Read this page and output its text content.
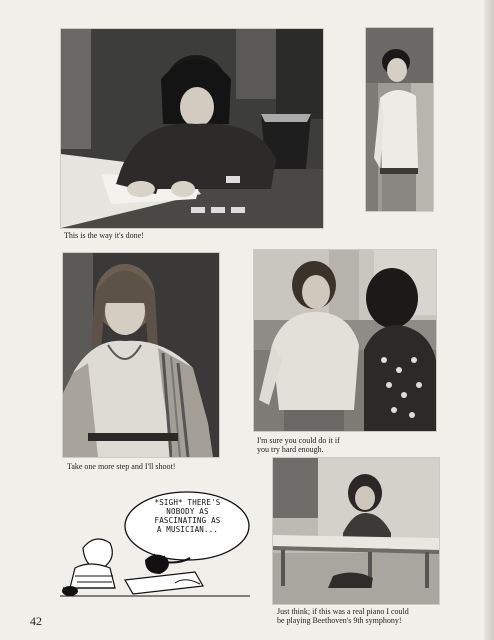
This is the way it's done!
Take one more step and I'll shoot!
I'm sure you could do it if
you try hard enough.
*SIGH* THERE'S
NOBODY AS
FASCINATING AS
A MUSICIAN...
Just think; if this was a real piano I could
be playing Beethoven's 9th symphony!
42
